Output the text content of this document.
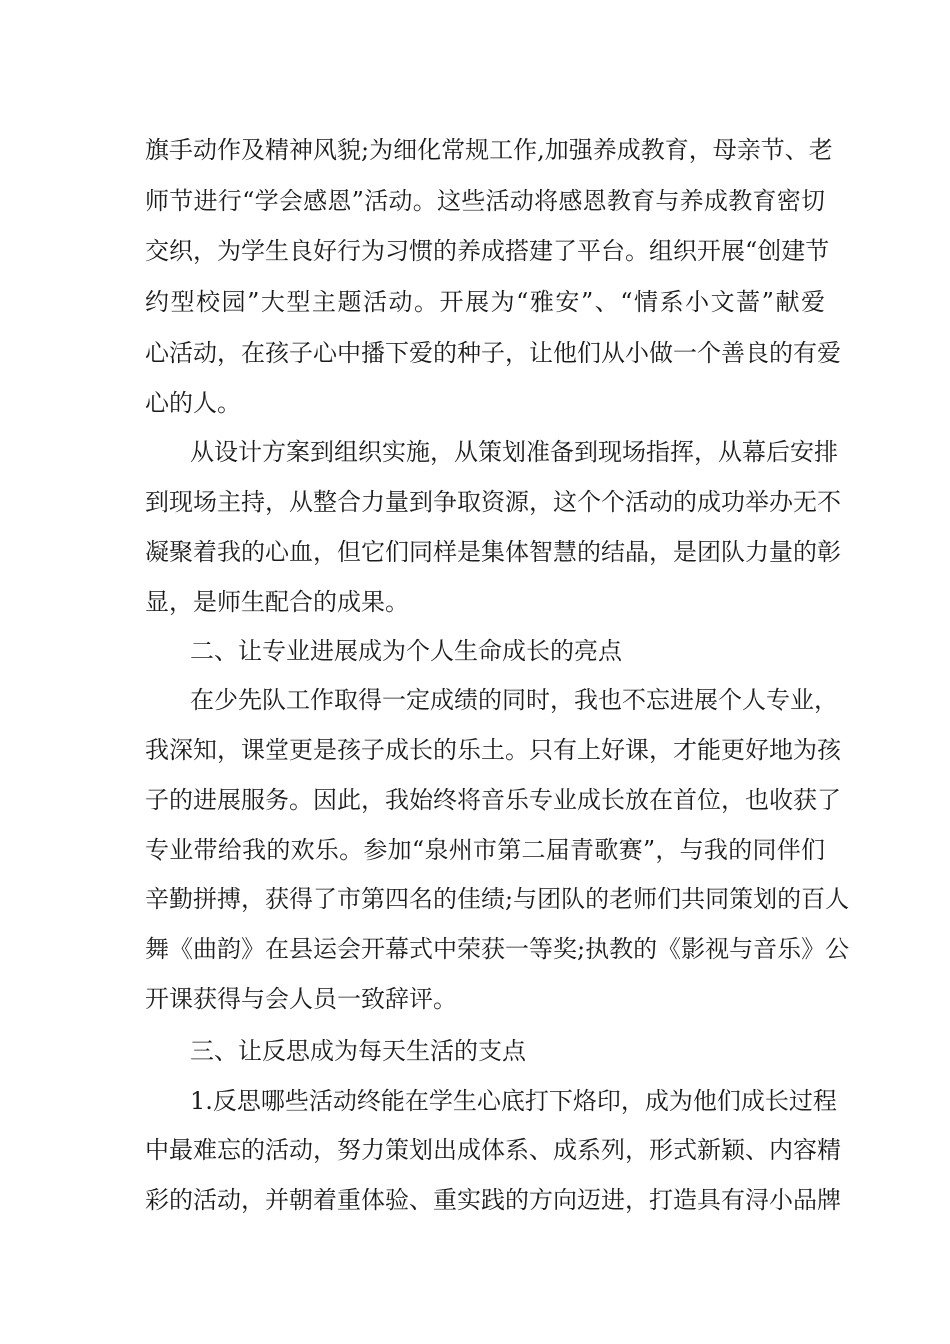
旗手动作及精神风貌;为细化常规工作,加强养成教育，母亲节、老
师节进行“学会感恩”活动。这些活动将感恩教育与养成教育密切
交织，为学生良好行为习惯的养成搭建了平台。组织开展“创建节
约型校园”大型主题活动。开展为“雅安”、“情系小文蔷”献爱
心活动，在孩子心中播下爱的种子，让他们从小做一个善良的有爱
心的人。
从设计方案到组织实施，从策划准备到现场指挥，从幕后安排
到现场主持，从整合力量到争取资源，这个个活动的成功举办无不
凝聚着我的心血，但它们同样是集体智慧的结晶，是团队力量的彰
显，是师生配合的成果。
二、让专业进展成为个人生命成长的亮点
在少先队工作取得一定成绩的同时，我也不忘进展个人专业，
我深知，课堂更是孩子成长的乐土。只有上好课，才能更好地为孩
子的进展服务。因此，我始终将音乐专业成长放在首位，也收获了
专业带给我的欢乐。参加“泉州市第二届青歌赛”，与我的同伴们
辛勤拼搏，获得了市第四名的佳绩;与团队的老师们共同策划的百人
舞《曲韵》在县运会开幕式中荣获一等奖;执教的《影视与音乐》公
开课获得与会人员一致辞评。
三、让反思成为每天生活的支点
1.反思哪些活动终能在学生心底打下烙印，成为他们成长过程
中最难忘的活动，努力策划出成体系、成系列，形式新颖、内容精
彩的活动，并朝着重体验、重实践的方向迈进，打造具有浔小品牌
